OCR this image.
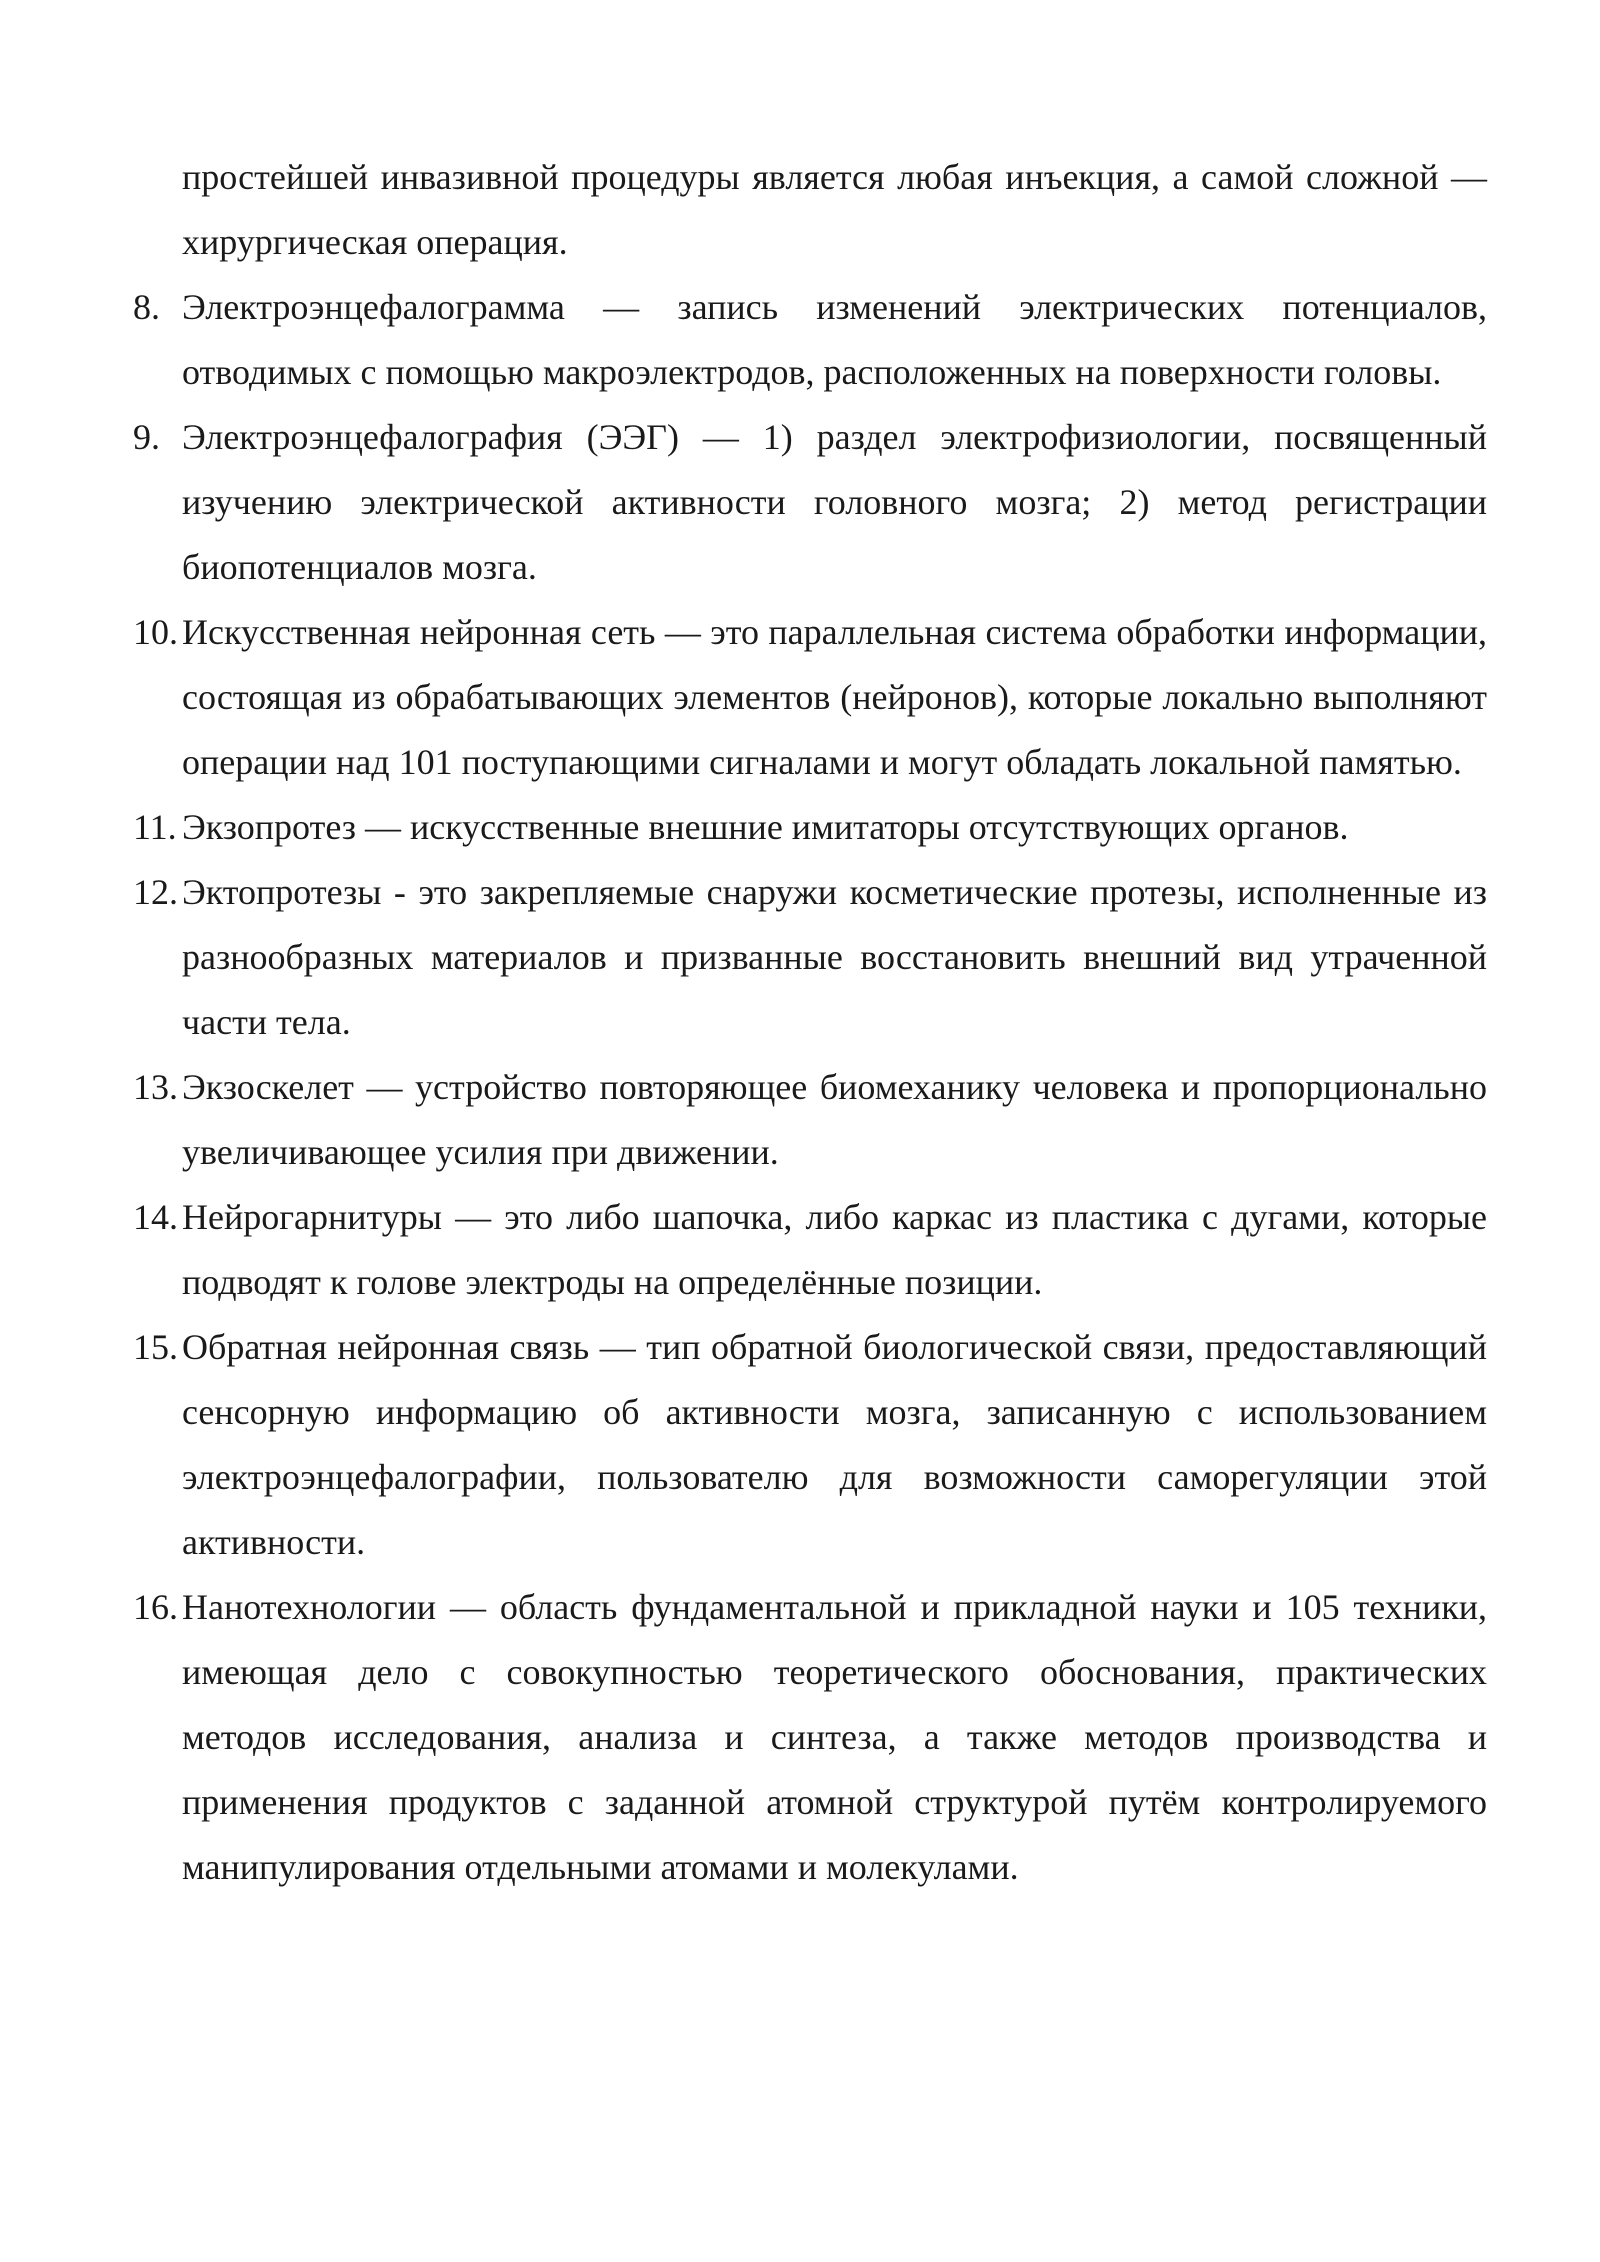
простейшей инвазивной процедуры является любая инъекция, а самой сложной — хирургическая операция.
8. Электроэнцефалограмма — запись изменений электрических потенциалов, отводимых с помощью макроэлектродов, расположенных на поверхности головы.
9. Электроэнцефалография (ЭЭГ) — 1) раздел электрофизиологии, посвященный изучению электрической активности головного мозга; 2) метод регистрации биопотенциалов мозга.
10. Искусственная нейронная сеть — это параллельная система обработки информации, состоящая из обрабатывающих элементов (нейронов), которые локально выполняют операции над 101 поступающими сигналами и могут обладать локальной памятью.
11. Экзопротез — искусственные внешние имитаторы отсутствующих органов.
12. Эктопротезы - это закрепляемые снаружи косметические протезы, исполненные из разнообразных материалов и призванные восстановить внешний вид утраченной части тела.
13. Экзоскелет — устройство повторяющее биомеханику человека и пропорционально увеличивающее усилия при движении.
14. Нейрогарнитуры — это либо шапочка, либо каркас из пластика с дугами, которые подводят к голове электроды на определённые позиции.
15. Обратная нейронная связь — тип обратной биологической связи, предоставляющий сенсорную информацию об активности мозга, записанную с использованием электроэнцефалографии, пользователю для возможности саморегуляции этой активности.
16. Нанотехнологии — область фундаментальной и прикладной науки и 105 техники, имеющая дело с совокупностью теоретического обоснования, практических методов исследования, анализа и синтеза, а также методов производства и применения продуктов с заданной атомной структурой путём контролируемого манипулирования отдельными атомами и молекулами.
